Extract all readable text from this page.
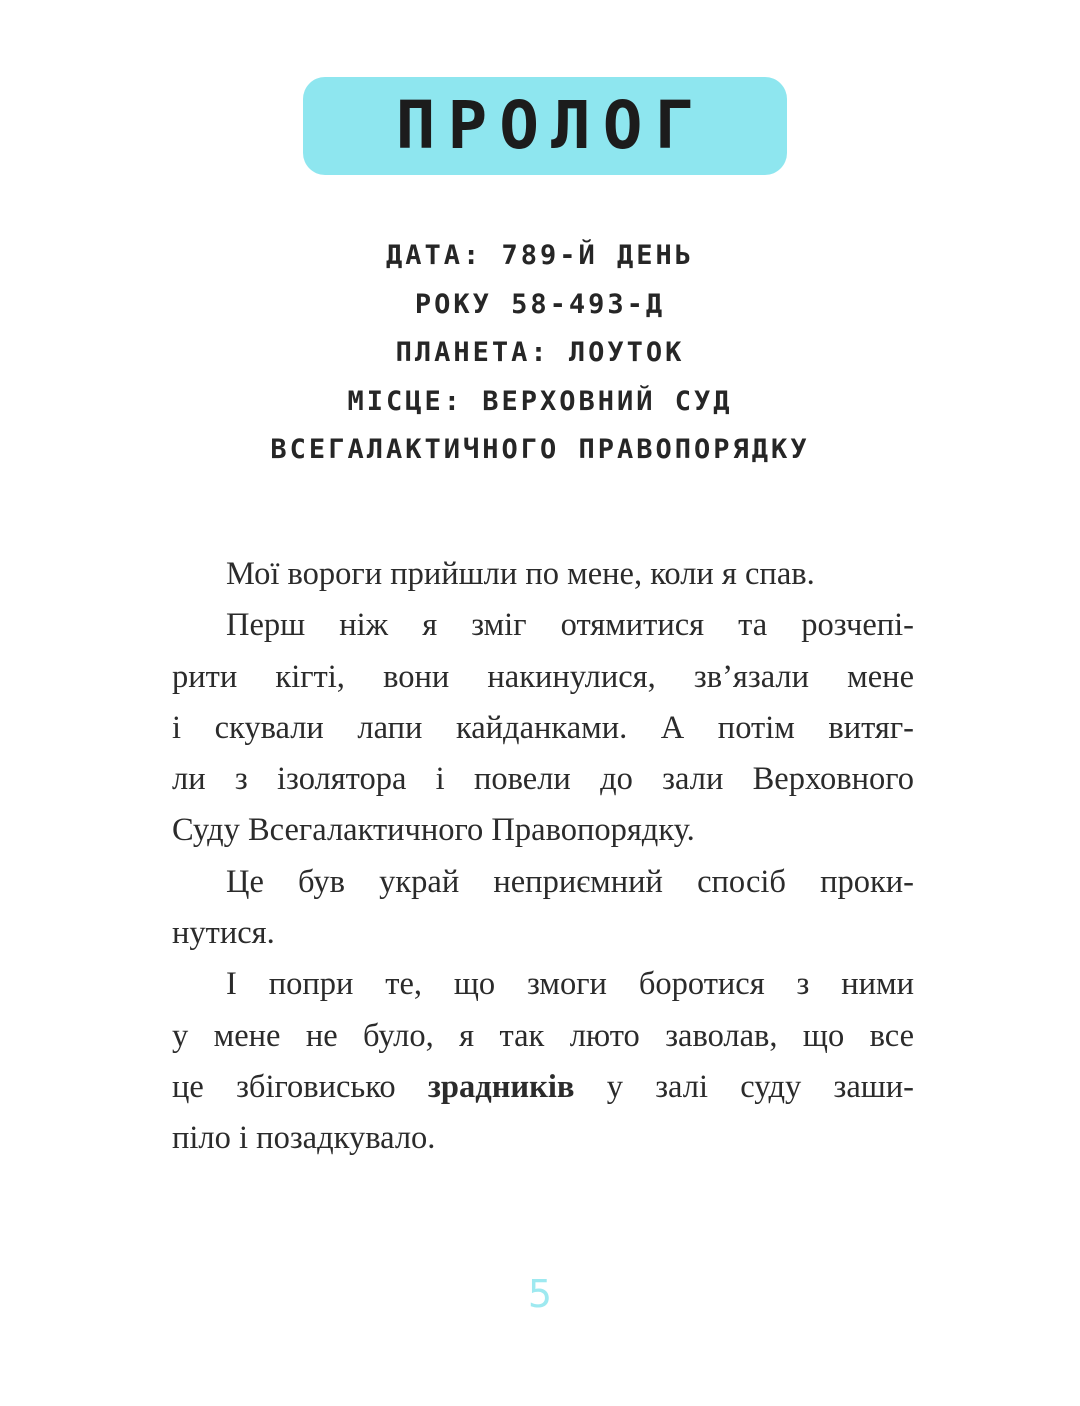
ПРОЛОГ
ДАТА: 789-Й ДЕНЬ
РОКУ 58-493-Д
ПЛАНЕТА: ЛОУТОК
МІСЦЕ: ВЕРХОВНИЙ СУД
ВСЕГАЛАКТИЧНОГО ПРАВОПОРЯДКУ
Мої вороги прийшли по мене, коли я спав.
Перш ніж я зміг отямитися та розчепі-
рити кігті, вони накинулися, зв’язали мене
і скували лапи кайданками. А потім витяг-
ли з ізолятора і повели до зали Верховного
Суду Всегалактичного Правопорядку.
Це був украй неприємний спосіб проки-
нутися.
І попри те, що змоги боротися з ними
у мене не було, я так люто заволав, що все
це збіговисько зрадників у залі суду заши-
піло і позадкувало.
5
